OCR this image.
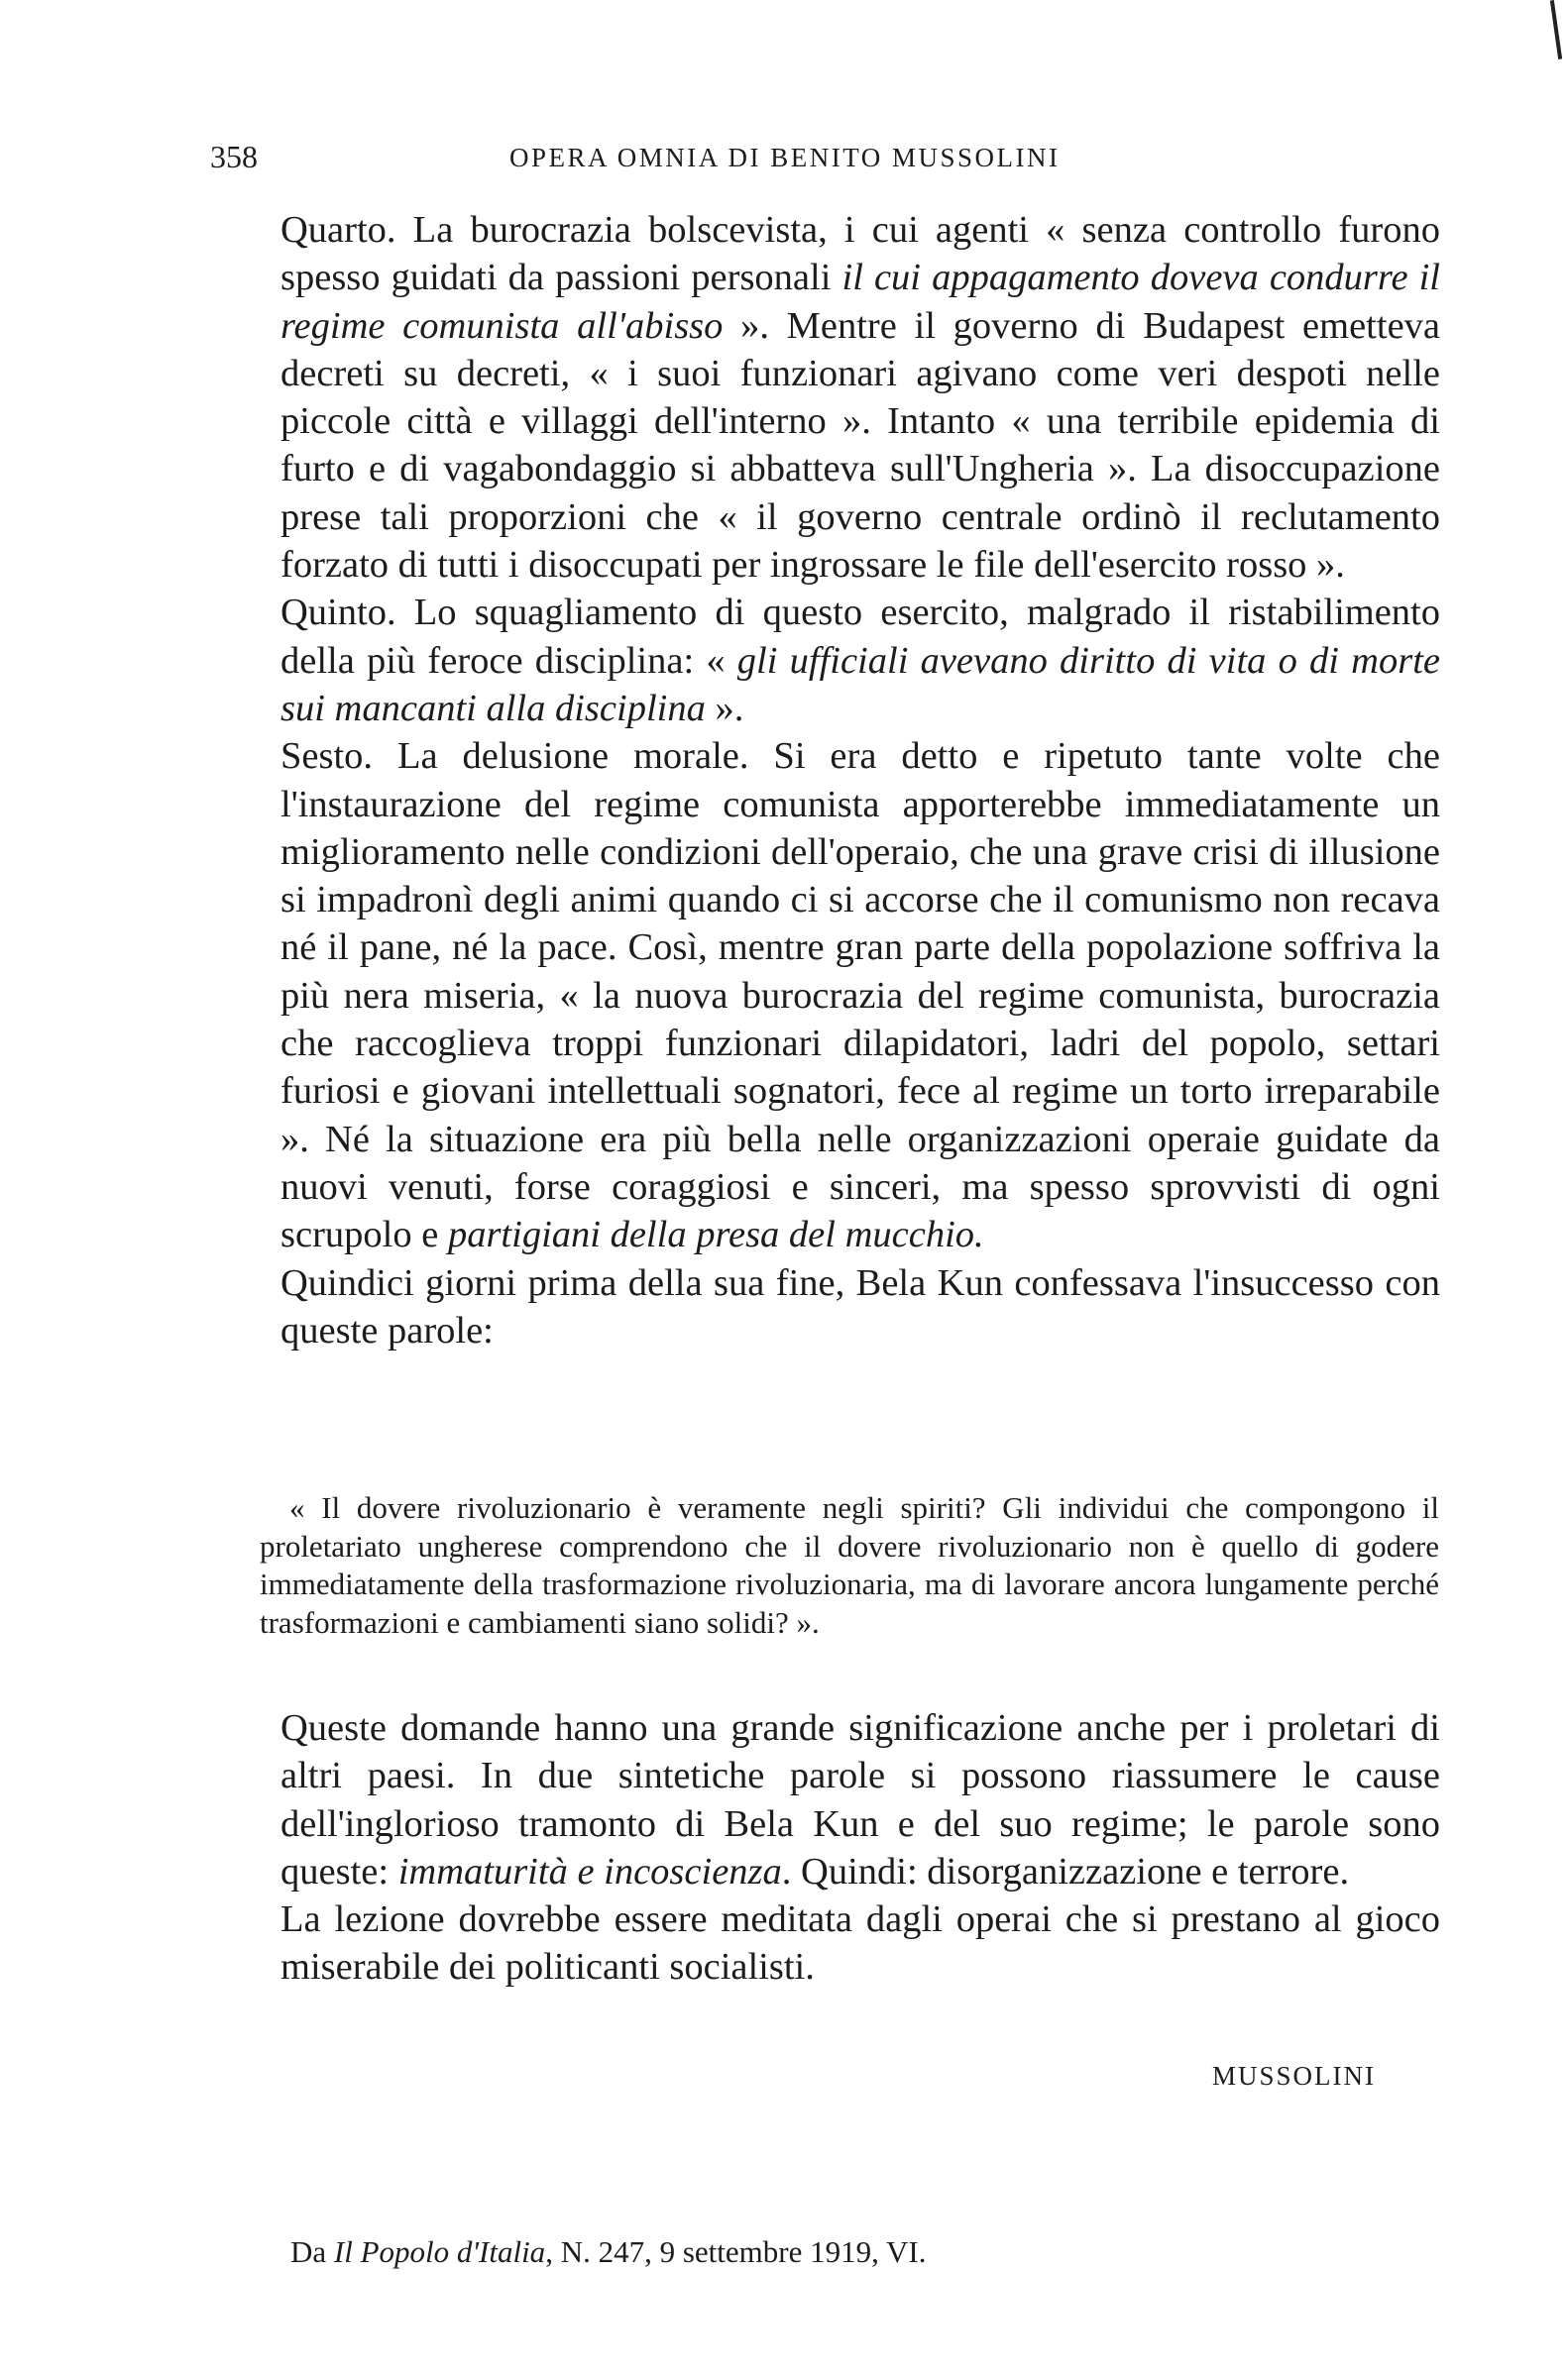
358	OPERA OMNIA DI BENITO MUSSOLINI

Quarto. La burocrazia bolscevista, i cui agenti « senza controllo furono spesso guidati da passioni personali il cui appagamento doveva condurre il regime comunista all'abisso ». Mentre il governo di Budapest emetteva decreti su decreti, « i suoi funzionari agivano come veri despoti nelle piccole città e villaggi dell'interno ». Intanto « una terribile epidemia di furto e di vagabondaggio si abbatteva sull'Ungheria ». La disoccupazione prese tali proporzioni che « il governo centrale ordinò il reclutamento forzato di tutti i disoccupati per ingrossare le file dell'esercito rosso ».

Quinto. Lo squagliamento di questo esercito, malgrado il ristabilimento della più feroce disciplina: « gli ufficiali avevano diritto di vita o di morte sui mancanti alla disciplina ».

Sesto. La delusione morale. Si era detto e ripetuto tante volte che l'instaurazione del regime comunista apporterebbe immediatamente un miglioramento nelle condizioni dell'operaio, che una grave crisi di illusione si impadronì degli animi quando ci si accorse che il comunismo non recava né il pane, né la pace. Così, mentre gran parte della popolazione soffriva la più nera miseria, « la nuova burocrazia del regime comunista, burocrazia che raccoglieva troppi funzionari dilapidatori, ladri del popolo, settari furiosi e giovani intellettuali sognatori, fece al regime un torto irreparabile ». Né la situazione era più bella nelle organizzazioni operaie guidate da nuovi venuti, forse coraggiosi e sinceri, ma spesso sprovvisti di ogni scrupolo e partigiani della presa del mucchio.

Quindici giorni prima della sua fine, Bela Kun confessava l'insuccesso con queste parole:

« Il dovere rivoluzionario è veramente negli spiriti? Gli individui che compongono il proletariato ungherese comprendono che il dovere rivoluzionario non è quello di godere immediatamente della trasformazione rivoluzionaria, ma di lavorare ancora lungamente perché trasformazioni e cambiamenti siano solidi? ».

Queste domande hanno una grande significazione anche per i proletari di altri paesi. In due sintetiche parole si possono riassumere le cause dell'inglorioso tramonto di Bela Kun e del suo regime; le parole sono queste: immaturità e incoscienza. Quindi: disorganizzazione e terrore.

La lezione dovrebbe essere meditata dagli operai che si prestano al gioco miserabile dei politicanti socialisti.

MUSSOLINI
Da Il Popolo d'Italia, N. 247, 9 settembre 1919, VI.
